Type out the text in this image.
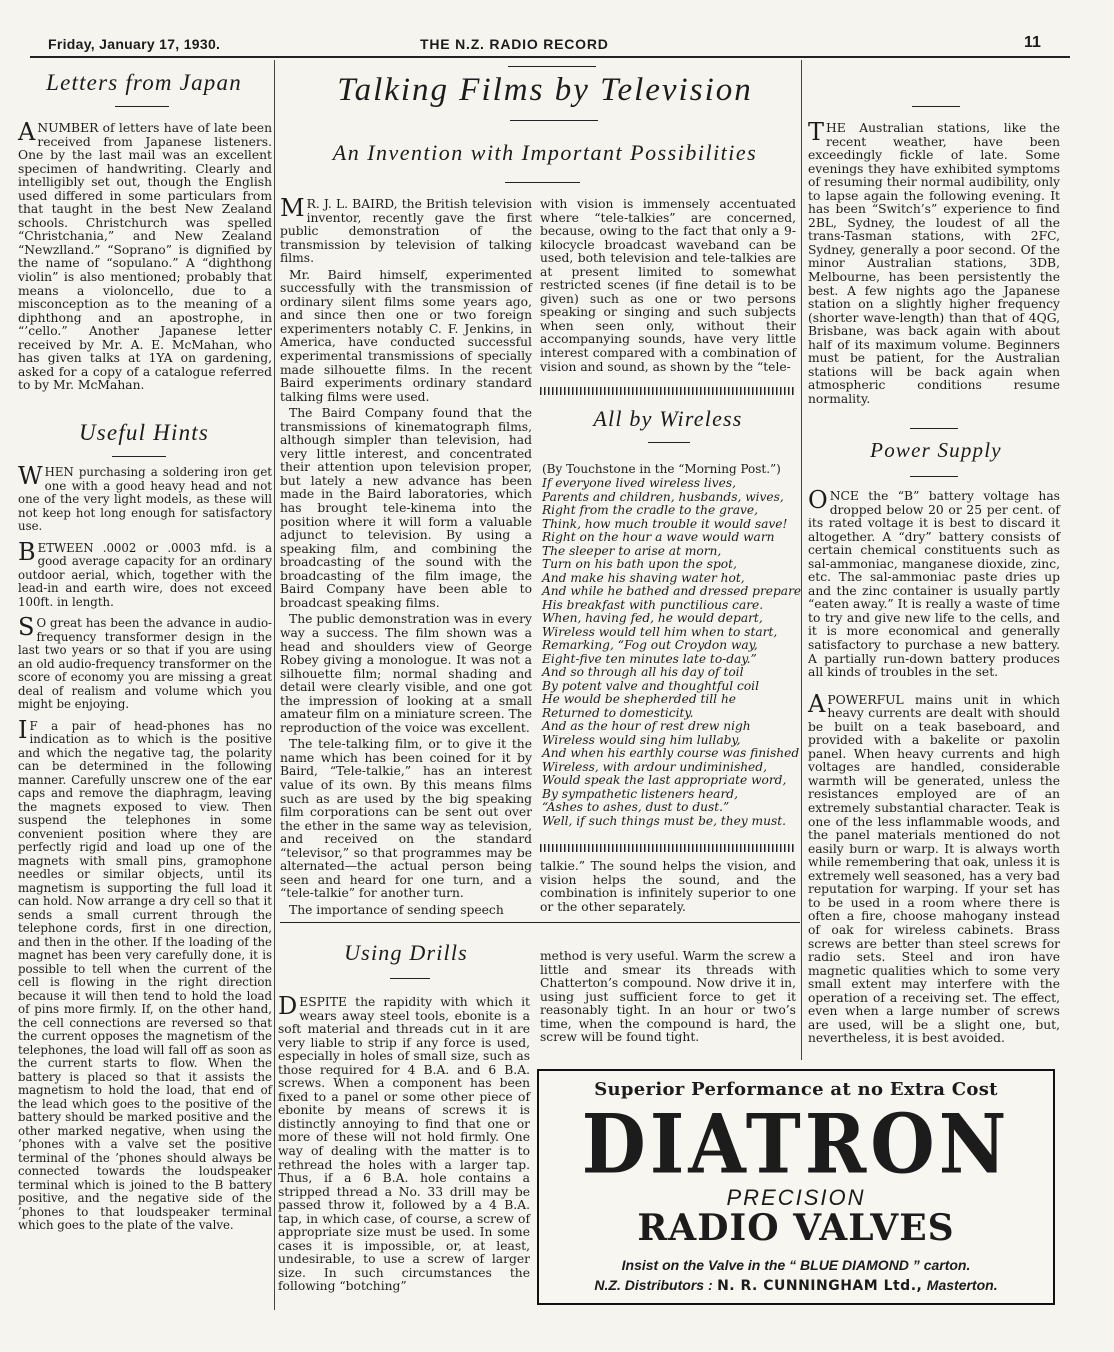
Friday, January 17, 1930.	THE N.Z. RADIO RECORD	11
Letters from Japan

ANUMBER of letters have of late been received from Japanese listeners. One by the last mail was an excellent specimen of handwriting. Clearly and intelligibly set out, though the English used differed in some particulars from that taught in the best New Zealand schools. Christchurch was spelled “Christchania,” and New Zealand “Newzlland.” “Soprano” is dignified by the name of “sopulano.” A “dighthong violin” is also mentioned; probably that means a violoncello, due to a misconception as to the meaning of a diphthong and an apostrophe, in “’cello.” Another Japanese letter received by Mr. A. E. McMahan, who has given talks at 1YA on gardening, asked for a copy of a catalogue referred to by Mr. McMahan.

Useful Hints

WHEN purchasing a soldering iron get one with a good heavy head and not one of the very light models, as these will not keep hot long enough for satisfactory use.

BETWEEN .0002 or .0003 mfd. is a good average capacity for an ordinary outdoor aerial, which, together with the lead-in and earth wire, does not exceed 100ft. in length.

S O great has been the advance in audio-frequency transformer design in the last two years or so that if you are using an old audio-frequency transformer on the score of economy you are missing a great deal of realism and volume which you might be enjoying.

I F a pair of head-phones has no indication as to which is the positive and which the negative tag, the polarity can be determined in the following manner. Carefully unscrew one of the ear caps and remove the diaphragm, leaving the magnets exposed to view. Then suspend the telephones in some convenient position where they are perfectly rigid and load up one of the magnets with small pins, gramophone needles or similar objects, until its magnetism is supporting the full load it can hold. Now arrange a dry cell so that it sends a small current through the telephone cords, first in one direction, and then in the other. If the loading of the magnet has been very carefully done, it is possible to tell when the current of the cell is flowing in the right direction because it will then tend to hold the load of pins more firmly. If, on the other hand, the cell connections are reversed so that the current opposes the magnetism of the telephones, the load will fall off as soon as the current starts to flow. When the battery is placed so that it assists the magnetism to hold the load, that end of the lead which goes to the positive of the battery should be marked positive and the other marked negative, when using the ’phones with a valve set the positive terminal of the ’phones should always be connected towards the loudspeaker terminal which is joined to the B battery positive, and the negative side of the ’phones to that loudspeaker terminal which goes to the plate of the valve.

Talking Films by Television
An Invention with Important Possibilities

M R. J. L. BAIRD, the British television inventor, recently gave the first public demonstration of the transmission by television of talking films.

Mr. Baird himself, experimented successfully with the transmission of ordinary silent films some years ago, and since then one or two foreign experimenters notably C. F. Jenkins, in America, have conducted successful experimental transmissions of specially made silhouette films. In the recent Baird experiments ordinary standard talking films were used.

The Baird Company found that the transmissions of kinematograph films, although simpler than television, had very little interest, and concentrated their attention upon television proper, but lately a new advance has been made in the Baird laboratories, which has brought tele-kinema into the position where it will form a valuable adjunct to television. By using a speaking film, and combining the broadcasting of the sound with the broadcasting of the film image, the Baird Company have been able to broadcast speaking films.

The public demonstration was in every way a success. The film shown was a head and shoulders view of George Robey giving a monologue. It was not a silhouette film; normal shading and detail were clearly visible, and one got the impression of looking at a small amateur film on a miniature screen. The reproduction of the voice was excellent.

The tele-talking film, or to give it the name which has been coined for it by Baird, “Tele-talkie,” has an interest value of its own. By this means films such as are used by the big speaking film corporations can be sent out over the ether in the same way as television, and received on the standard “televisor,” so that programmes may be alternated—the actual person being seen and heard for one turn, and a “tele-talkie” for another turn.

The importance of sending speech

with vision is immensely accentuated where “tele-talkies” are concerned, because, owing to the fact that only a 9-kilocycle broadcast waveband can be used, both television and tele-talkies are at present limited to somewhat restricted scenes (if fine detail is to be given) such as one or two persons speaking or singing and such subjects when seen only, without their accompanying sounds, have very little interest compared with a combination of vision and sound, as shown by the “tele-

All by Wireless
(By Touchstone in the “Morning Post.”)
If everyone lived wireless lives,
Parents and children, husbands, wives,
Right from the cradle to the grave,
Think, how much trouble it would save!
Right on the hour a wave would warn
The sleeper to arise at morn,
Turn on his bath upon the spot,
And make his shaving water hot,
And while he bathed and dressed prepare
His breakfast with punctilious care.
When, having fed, he would depart,
Wireless would tell him when to start,
Remarking, “Fog out Croydon way,
Eight-five ten minutes late to-day.”
And so through all his day of toil
By potent valve and thoughtful coil
He would be shepherded till he
Returned to domesticity.
And as the hour of rest drew nigh
Wireless would sing him lullaby,
And when his earthly course was finished
Wireless, with ardour undiminished,
Would speak the last appropriate word,
By sympathetic listeners heard,
“Ashes to ashes, dust to dust.”
Well, if such things must be, they must.

talkie.” The sound helps the vision, and vision helps the sound, and the combination is infinitely superior to one or the other separately.

Using Drills

DESPITE the rapidity with which it wears away steel tools, ebonite is a soft material and threads cut in it are very liable to strip if any force is used, especially in holes of small size, such as those required for 4 B.A. and 6 B.A. screws. When a component has been fixed to a panel or some other piece of ebonite by means of screws it is distinctly annoying to find that one or more of these will not hold firmly. One way of dealing with the matter is to rethread the holes with a larger tap. Thus, if a 6 B.A. hole contains a stripped thread a No. 33 drill may be passed throw it, followed by a 4 B.A. tap, in which case, of course, a screw of appropriate size must be used. In some cases it is impossible, or, at least, undesirable, to use a screw of larger size. In such circumstances the following “botching”

method is very useful. Warm the screw a little and smear its threads with Chatterton’s compound. Now drive it in, using just sufficient force to get it reasonably tight. In an hour or two’s time, when the compound is hard, the screw will be found tight.

THE Australian stations, like the recent weather, have been exceedingly fickle of late. Some evenings they have exhibited symptoms of resuming their normal audibility, only to lapse again the following evening. It has been “Switch’s” experience to find 2BL, Sydney, the loudest of all the trans-Tasman stations, with 2FC, Sydney, generally a poor second. Of the minor Australian stations, 3DB, Melbourne, has been persistently the best. A few nights ago the Japanese station on a slightly higher frequency (shorter wave-length) than that of 4QG, Brisbane, was back again with about half of its maximum volume. Beginners must be patient, for the Australian stations will be back again when atmospheric conditions resume normality.

Power Supply

ONCE the “B” battery voltage has dropped below 20 or 25 per cent. of its rated voltage it is best to discard it altogether. A “dry” battery consists of certain chemical constituents such as sal-ammoniac, manganese dioxide, zinc, etc. The sal-ammoniac paste dries up and the zinc container is usually partly “eaten away.” It is really a waste of time to try and give new life to the cells, and it is more economical and generally satisfactory to purchase a new battery. A partially run-down battery produces all kinds of troubles in the set.

APOWERFUL mains unit in which heavy currents are dealt with should be built on a teak baseboard, and provided with a bakelite or paxolin panel. When heavy currents and high voltages are handled, considerable warmth will be generated, unless the resistances employed are of an extremely substantial character. Teak is one of the less inflammable woods, and the panel materials mentioned do not easily burn or warp. It is always worth while remembering that oak, unless it is extremely well seasoned, has a very bad reputation for warping. If your set has to be used in a room where there is often a fire, choose mahogany instead of oak for wireless cabinets. Brass screws are better than steel screws for radio sets. Steel and iron have magnetic qualities which to some very small extent may interfere with the operation of a receiving set. The effect, even when a large number of screws are used, will be a slight one, but, nevertheless, it is best avoided.

Superior Performance at no Extra Cost
DIATRON
PRECISION
RADIO VALVES
Insist on the Valve in the “ BLUE DIAMOND ” carton.
N.Z. Distributors : N. R. CUNNINGHAM Ltd., Masterton.
